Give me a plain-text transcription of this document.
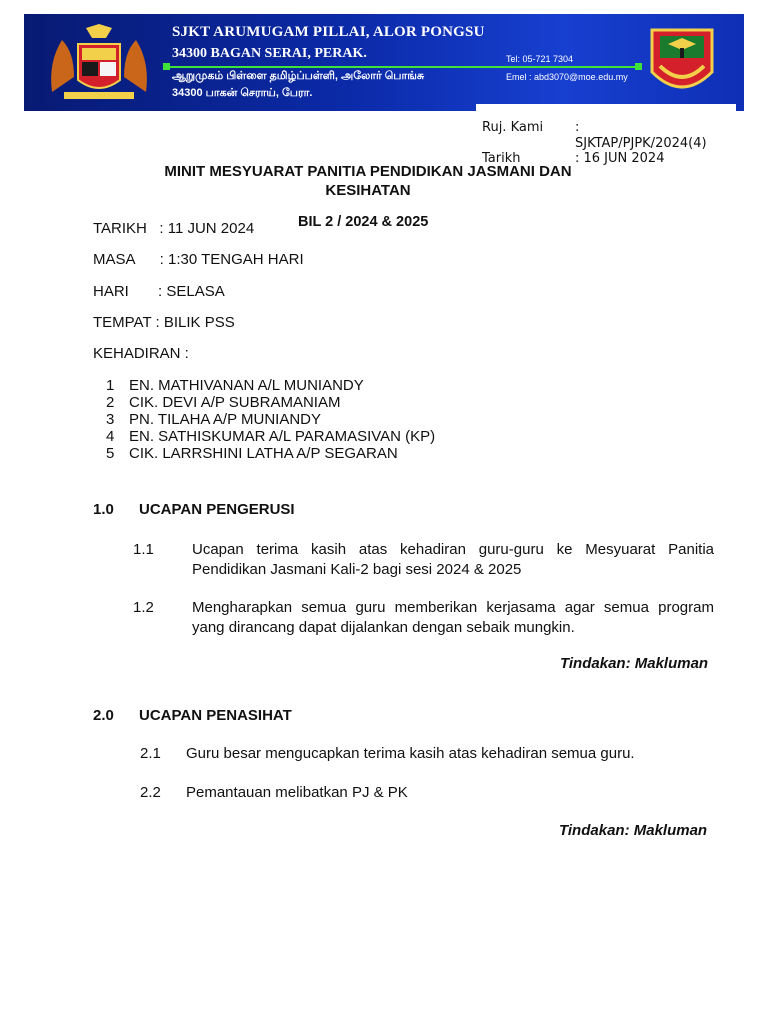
SJKT ARUMUGAM PILLAI, ALOR PONGSU
34300 BAGAN SERAI, PERAK.
ஆறுமுகம் பிள்ளை தமிழ்ப்பள்ளி, அலோர் பொங்சு
34300 பாகன் செராய், பேரா.
Tel: 05-721 7304
Emel : abd3070@moe.edu.my
Ruj. Kami :
SJKTAP/PJPK/2024(4)
Tarikh	: 16 JUN 2024
MINIT MESYUARAT PANITIA PENDIDIKAN JASMANI DAN
KESIHATAN
BIL 2 / 2024 & 2025
TARIKH   : 11 JUN 2024
MASA      : 1:30 TENGAH HARI
HARI       : SELASA
TEMPAT : BILIK PSS
KEHADIRAN :
1 EN. MATHIVANAN A/L MUNIANDY
2 CIK. DEVI A/P SUBRAMANIAM
3 PN. TILAHA A/P MUNIANDY
4 EN. SATHISKUMAR A/L PARAMASIVAN (KP)
5 CIK. LARRSHINI LATHA A/P SEGARAN
1.0 UCAPAN PENGERUSI
1.1	Ucapan terima kasih atas kehadiran guru-guru ke Mesyuarat Panitia Pendidikan Jasmani Kali-2 bagi sesi 2024 & 2025
1.2	Mengharapkan semua guru memberikan kerjasama agar semua program yang dirancang dapat dijalankan dengan sebaik mungkin.
Tindakan: Makluman
2.0 UCAPAN PENASIHAT
2.1 Guru besar mengucapkan terima kasih atas kehadiran semua guru.
2.2 Pemantauan melibatkan PJ & PK
Tindakan: Makluman
